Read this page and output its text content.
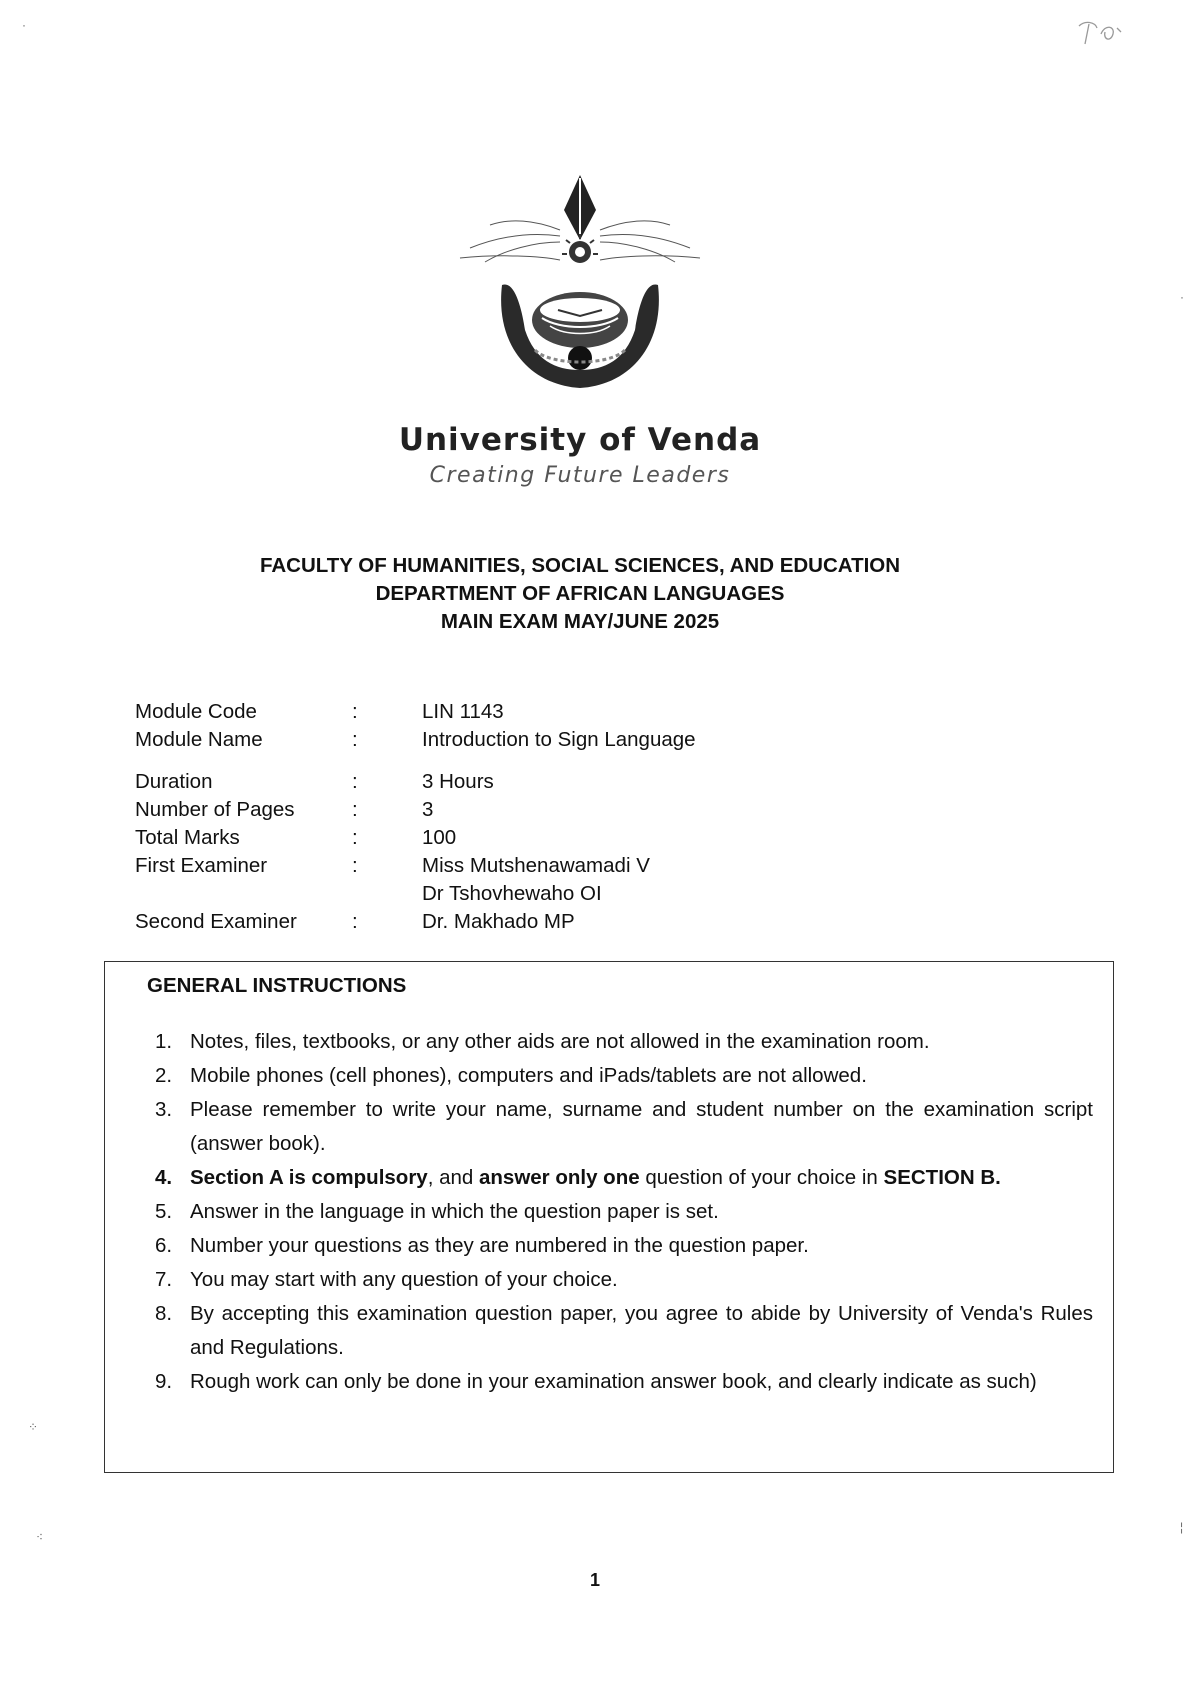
University of Venda
Creating Future Leaders
FACULTY OF HUMANITIES, SOCIAL SCIENCES, AND EDUCATION
DEPARTMENT OF AFRICAN LANGUAGES
MAIN EXAM MAY/JUNE 2025
Module Code	:	LIN 1143
Module Name	:	Introduction to Sign Language
Duration	:	3 Hours
Number of Pages	:	3
Total Marks	:	100
First Examiner	:	Miss Mutshenawamadi V
Dr Tshovhewaho OI
Second Examiner	:	Dr. Makhado MP
GENERAL INSTRUCTIONS
1. Notes, files, textbooks, or any other aids are not allowed in the examination room.
2. Mobile phones (cell phones), computers and iPads/tablets are not allowed.
3. Please remember to write your name, surname and student number on the examination script (answer book).
4. Section A is compulsory, and answer only one question of your choice in SECTION B.
5. Answer in the language in which the question paper is set.
6. Number your questions as they are numbered in the question paper.
7. You may start with any question of your choice.
8. By accepting this examination question paper, you agree to abide by University of Venda's Rules and Regulations.
9. Rough work can only be done in your examination answer book, and clearly indicate as such)
1
·
·
⁘
⁖
¦
